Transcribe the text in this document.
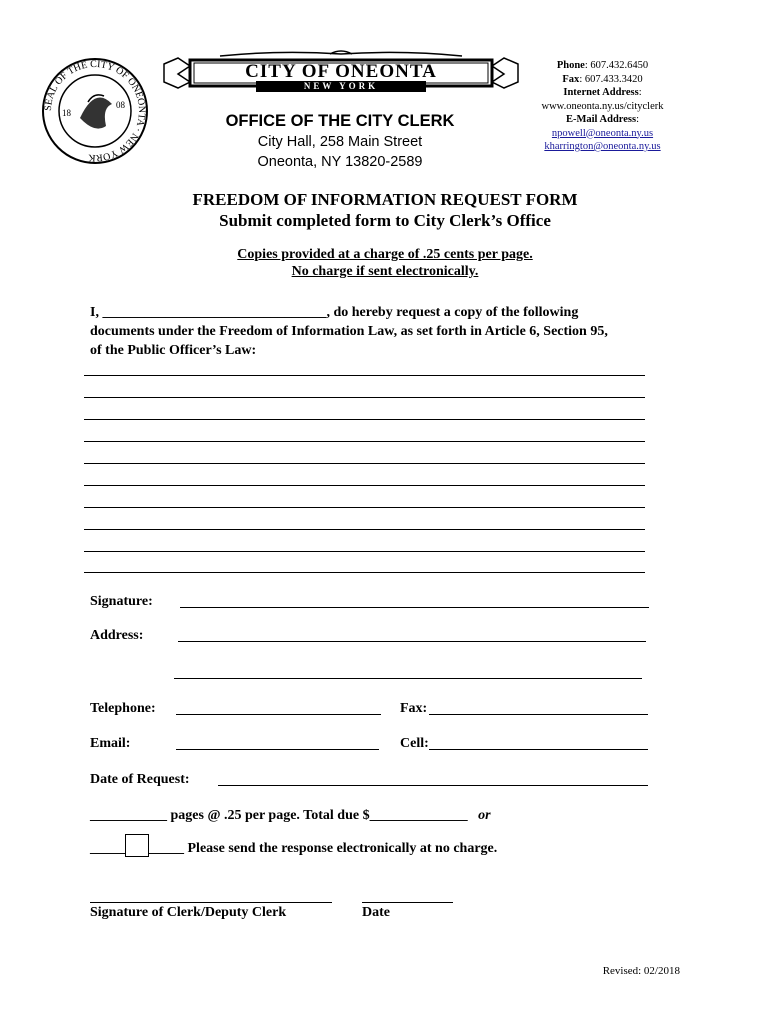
SEAL OF THE CITY OF ONEONTA · NEW YORK
18
08
CITY OF ONEONTA
NEW YORK
OFFICE OF THE CITY CLERK
City Hall, 258 Main Street
Oneonta, NY 13820-2589
Phone: 607.432.6450
Fax: 607.433.3420
Internet Address:
www.oneonta.ny.us/cityclerk
E-Mail Address:
npowell@oneonta.ny.us
kharrington@oneonta.ny.us
FREEDOM OF INFORMATION REQUEST FORM
Submit completed form to City Clerk’s Office
Copies provided at a charge of .25 cents per page.
No charge if sent electronically.
I, ________________________________, do hereby request a copy of the following
documents under the Freedom of Information Law, as set forth in Article 6, Section 95,
of the Public Officer’s Law:
Signature:
Address:
Telephone:	Fax:
Email:	Cell:
Date of Request:
___________ pages @ .25 per page. Total due $______________ or
_____ _____ Please send the response electronically at no charge.
Signature of Clerk/Deputy Clerk	Date
Revised: 02/2018
